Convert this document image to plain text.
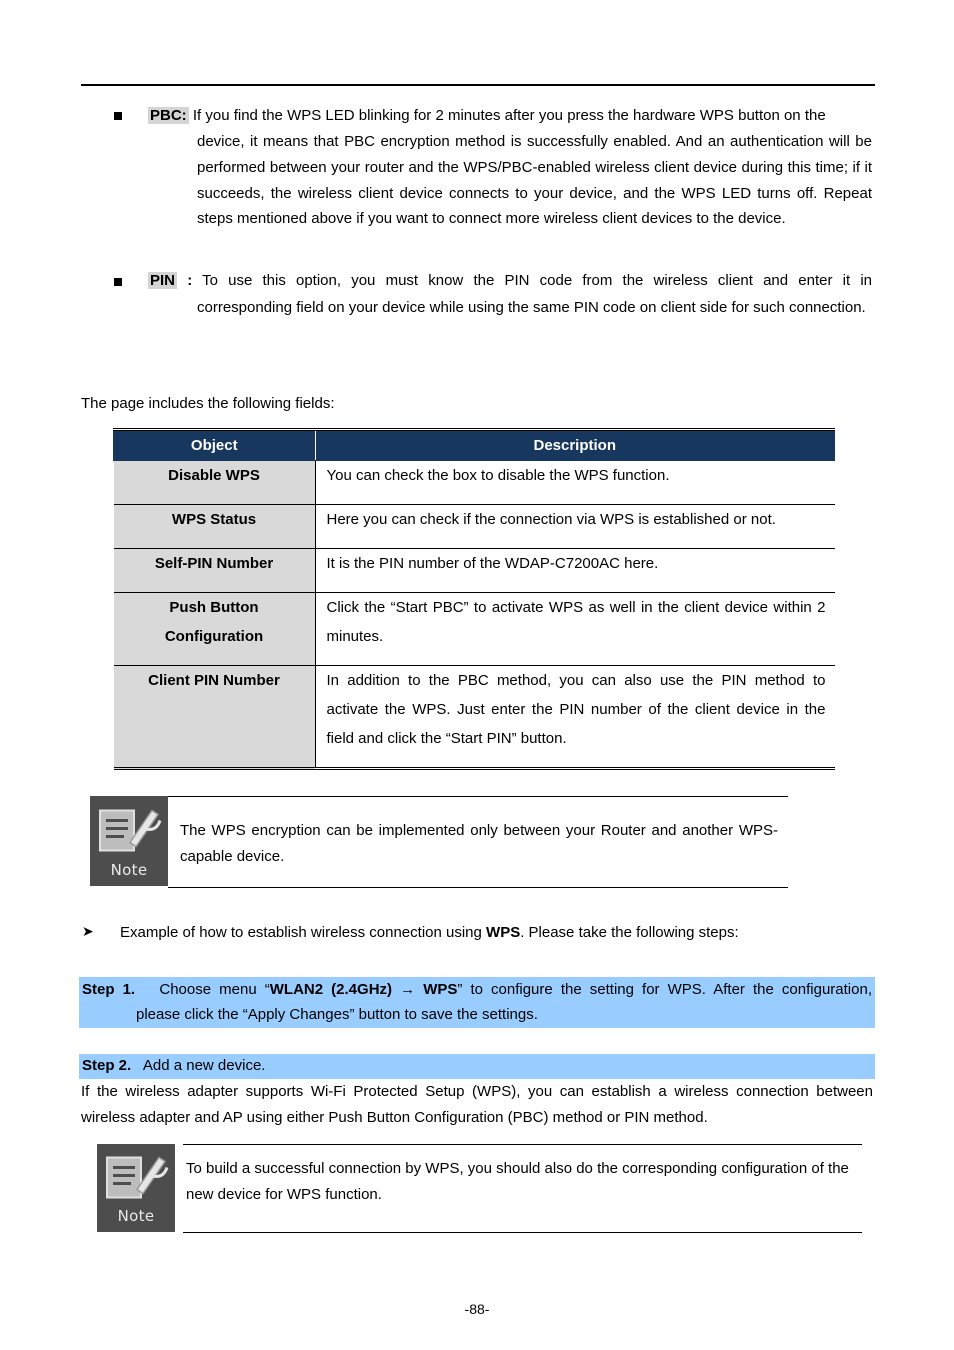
PBC: If you find the WPS LED blinking for 2 minutes after you press the hardware WPS button on the
device, it means that PBC encryption method is successfully enabled. And an authentication will be performed between your router and the WPS/PBC-enabled wireless client device during this time; if it succeeds, the wireless client device connects to your device, and the WPS LED turns off. Repeat steps mentioned above if you want to connect more wireless client devices to the device.
PIN : To use this option, you must know the PIN code from the wireless client and enter it in
corresponding field on your device while using the same PIN code on client side for such connection.
The page includes the following fields:
Object	Description
Disable WPS	You can check the box to disable the WPS function.
WPS Status	Here you can check if the connection via WPS is established or not.
Self-PIN Number	It is the PIN number of the WDAP-C7200AC here.

Push Button
Configuration	Click the “Start PBC” to activate WPS as well in the client device within 2 minutes.
Client PIN Number	In addition to the PBC method, you can also use the PIN method to activate the WPS. Just enter the PIN number of the client device in the field and click the “Start PIN” button.
Note
The WPS encryption can be implemented only between your Router and another WPS-capable device.
➤ Example of how to establish wireless connection using WPS. Please take the following steps:
Step 1. Choose menu “WLAN2 (2.4GHz) → WPS” to configure the setting for WPS. After the configuration,
please click the “Apply Changes” button to save the settings.
Step 2. Add a new device.
If the wireless adapter supports Wi-Fi Protected Setup (WPS), you can establish a wireless connection between wireless adapter and AP using either Push Button Configuration (PBC) method or PIN method.
Note
To build a successful connection by WPS, you should also do the corresponding configuration of the new device for WPS function.
-88-
